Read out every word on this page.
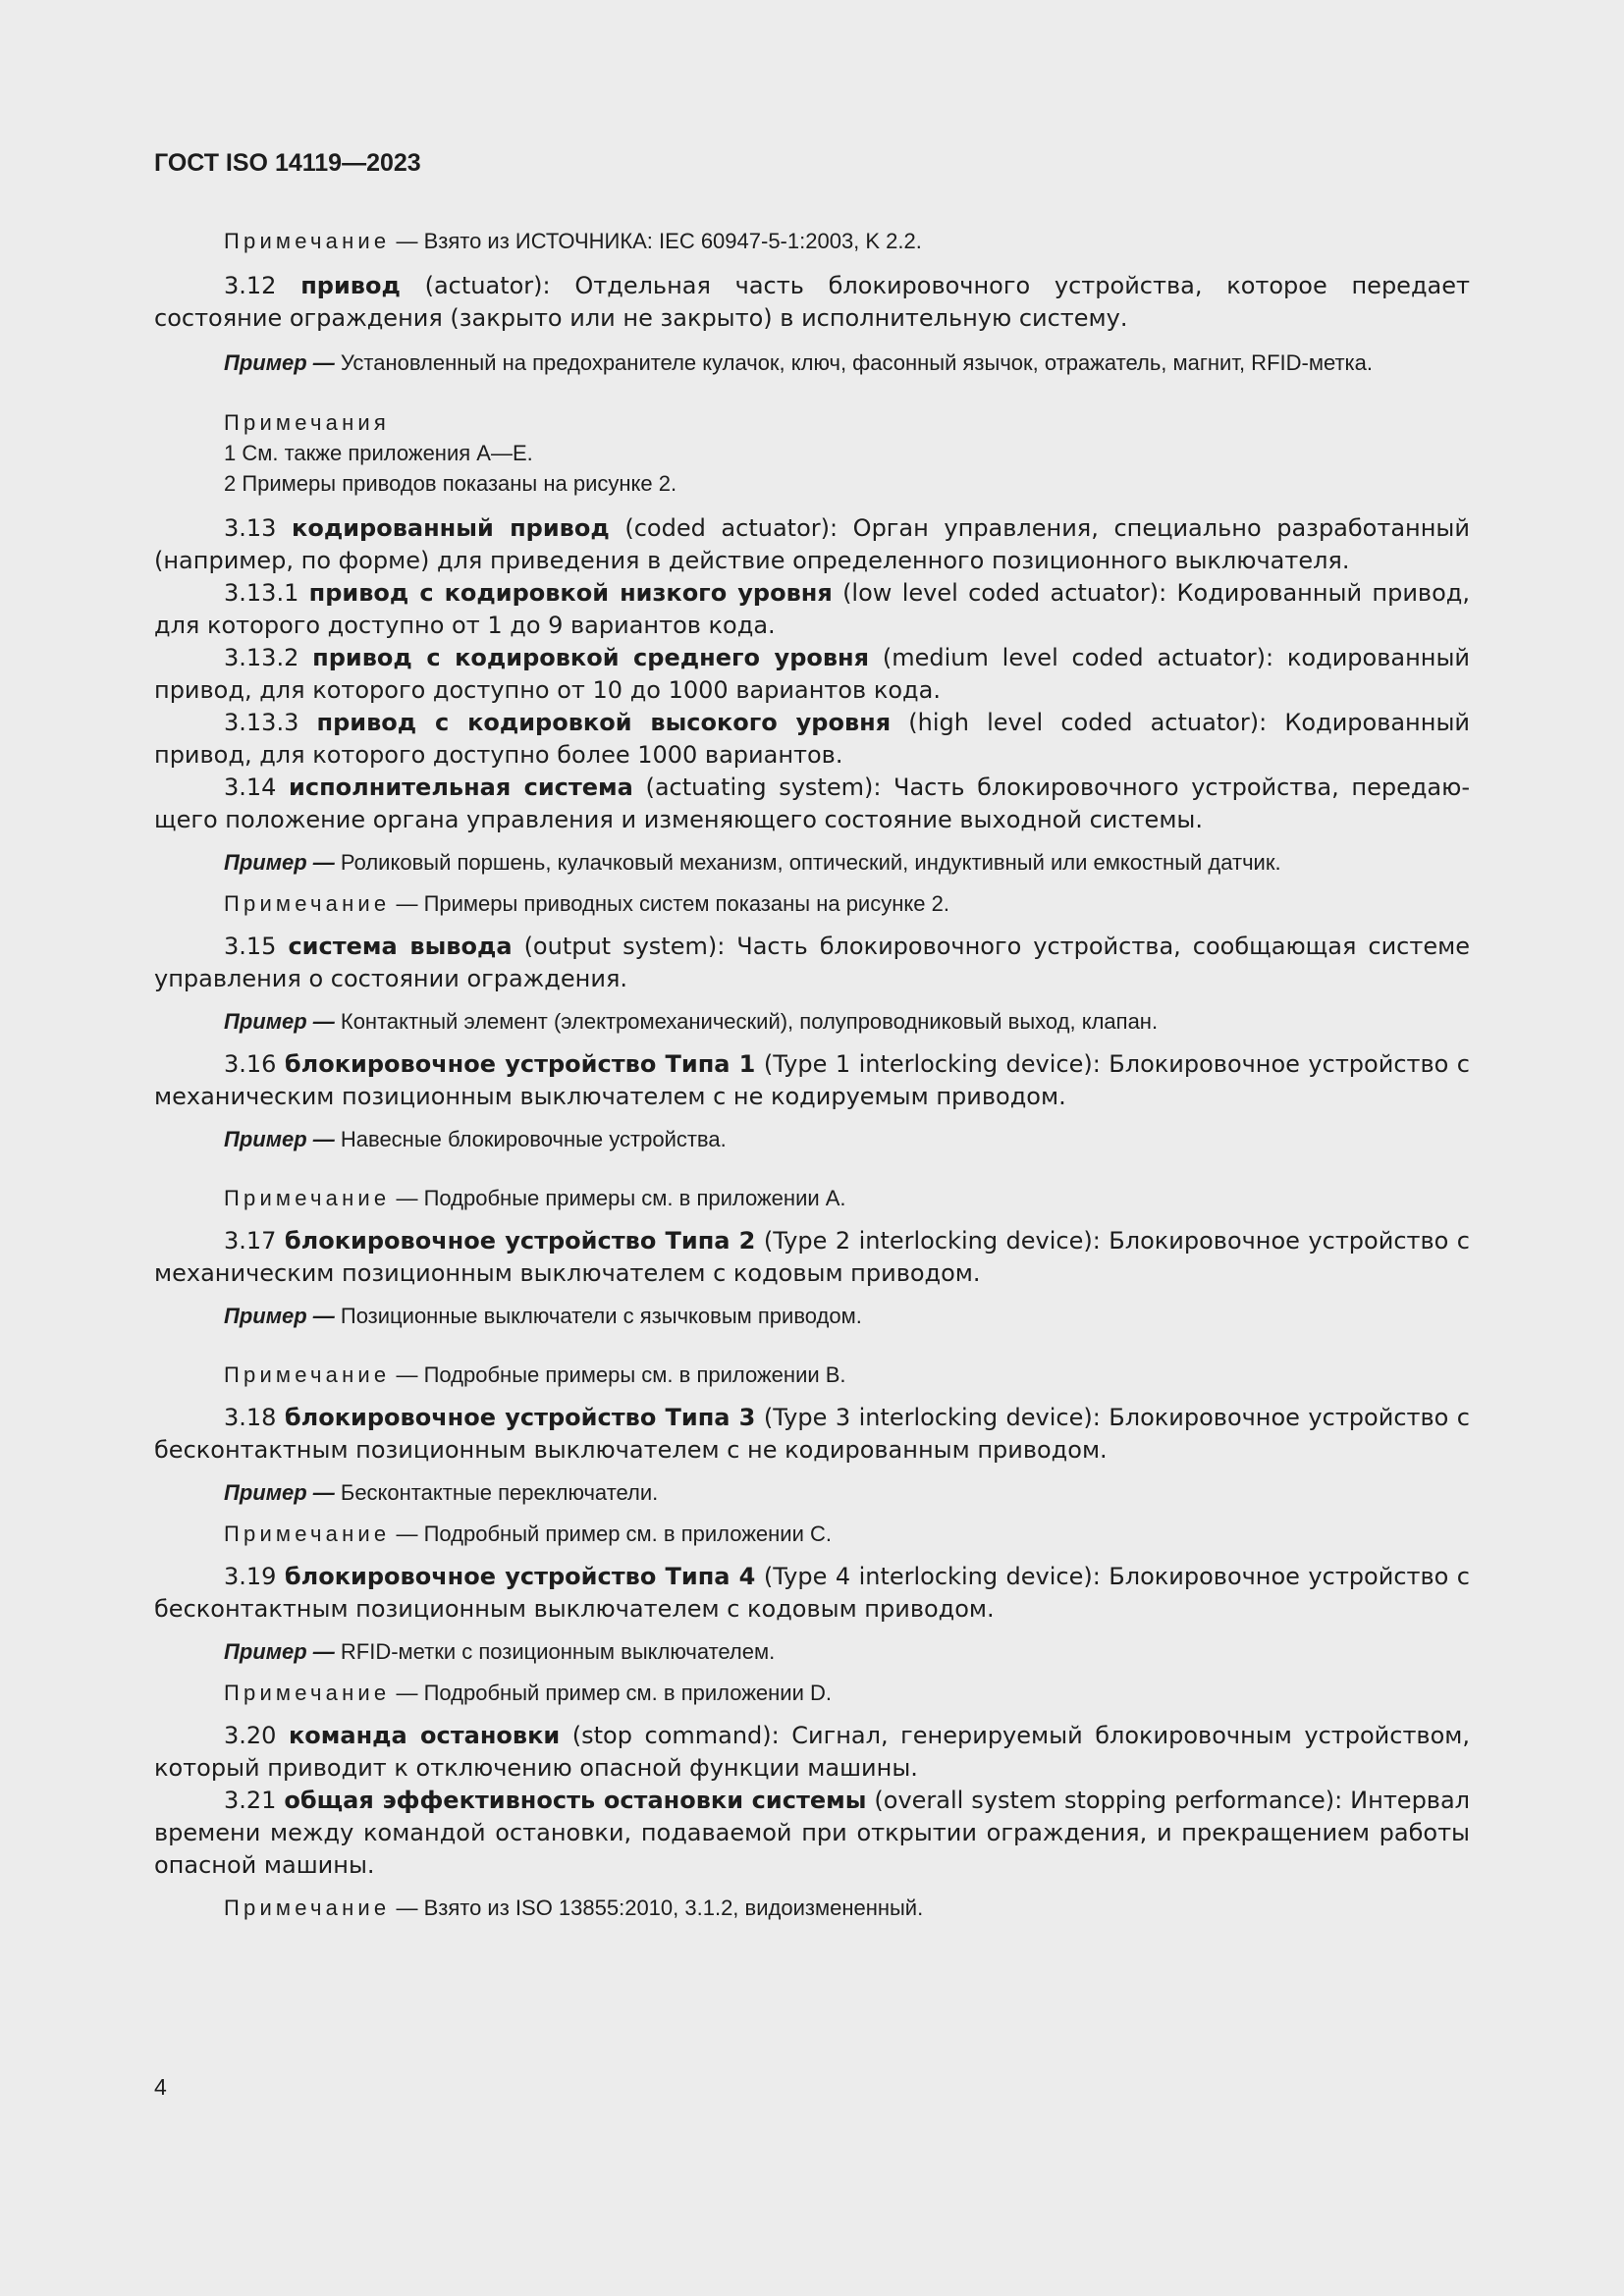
ГОСТ ISO 14119—2023

Примечание — Взято из ИСТОЧНИКА: IEC 60947-5-1:2003, K 2.2.

3.12 привод (actuator): Отдельная часть блокировочного устройства, которое передает состояние ограждения (закрыто или не закрыто) в исполнительную систему.

Пример — Установленный на предохранителе кулачок, ключ, фасонный язычок, отражатель, магнит, RFID-метка.

Примечания

1 См. также приложения A—E.

2 Примеры приводов показаны на рисунке 2.

3.13 кодированный привод (coded actuator): Орган управления, специально разработанный (например, по форме) для приведения в действие определенного позиционного выключателя.

3.13.1 привод с кодировкой низкого уровня (low level coded actuator): Кодированный привод, для которого доступно от 1 до 9 вариантов кода.

3.13.2 привод с кодировкой среднего уровня (medium level coded actuator): кодированный привод, для которого доступно от 10 до 1000 вариантов кода.

3.13.3 привод с кодировкой высокого уровня (high level coded actuator): Кодированный привод, для которого доступно более 1000 вариантов.

3.14 исполнительная система (actuating system): Часть блокировочного устройства, передающего положение органа управления и изменяющего состояние выходной системы.

Пример — Роликовый поршень, кулачковый механизм, оптический, индуктивный или емкостный датчик.

Примечание — Примеры приводных систем показаны на рисунке 2.

3.15 система вывода (output system): Часть блокировочного устройства, сообщающая системе управления о состоянии ограждения.

Пример — Контактный элемент (электромеханический), полупроводниковый выход, клапан.

3.16 блокировочное устройство Типа 1 (Type 1 interlocking device): Блокировочное устройство с механическим позиционным выключателем с не кодируемым приводом.

Пример — Навесные блокировочные устройства.

Примечание — Подробные примеры см. в приложении A.

3.17 блокировочное устройство Типа 2 (Type 2 interlocking device): Блокировочное устройство с механическим позиционным выключателем с кодовым приводом.

Пример — Позиционные выключатели с язычковым приводом.

Примечание — Подробные примеры см. в приложении B.

3.18 блокировочное устройство Типа 3 (Type 3 interlocking device): Блокировочное устройство с бесконтактным позиционным выключателем с не кодированным приводом.

Пример — Бесконтактные переключатели.

Примечание — Подробный пример см. в приложении C.

3.19 блокировочное устройство Типа 4 (Type 4 interlocking device): Блокировочное устройство с бесконтактным позиционным выключателем с кодовым приводом.

Пример — RFID-метки с позиционным выключателем.

Примечание — Подробный пример см. в приложении D.

3.20 команда остановки (stop command): Сигнал, генерируемый блокировочным устройством, который приводит к отключению опасной функции машины.

3.21 общая эффективность остановки системы (overall system stopping performance): Интервал времени между командой остановки, подаваемой при открытии ограждения, и прекращением работы опасной машины.

Примечание — Взято из ISO 13855:2010, 3.1.2, видоизмененный.

4
